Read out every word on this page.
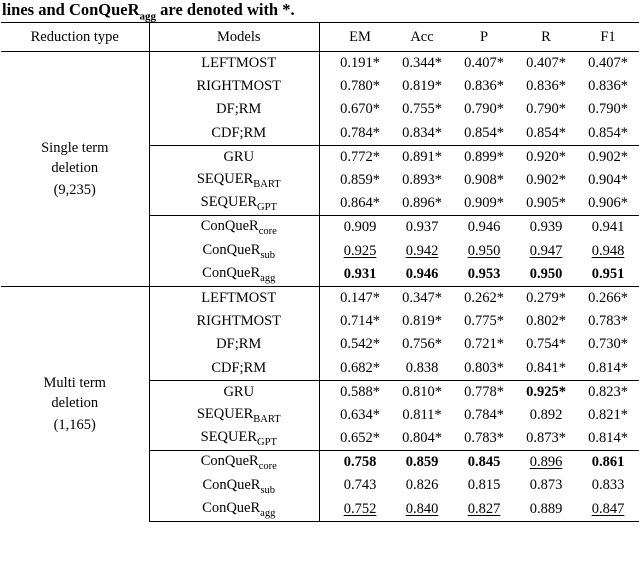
lines and ConQueR$_{agg}$ are denoted with *.
Reduction type		Models		EM	Acc	P	R	F1

Single term
deletion
(9,235)		LEFTMOST		0.191*	0.344*	0.407*	0.407*	0.407*
		RIGHTMOST		0.780*	0.819*	0.836*	0.836*	0.836*
		DF;RM		0.670*	0.755*	0.790*	0.790*	0.790*
		CDF;RM		0.784*	0.834*	0.854*	0.854*	0.854*
		GRU		0.772*	0.891*	0.899*	0.920*	0.902*
		$SEQUER_{BART}$		0.859*	0.893*	0.908*	0.902*	0.904*
		$SEQUER_{GPT}$		0.864*	0.896*	0.909*	0.905*	0.906*
		ConQueR$_{core}$		0.909	0.937	0.946	0.939	0.941
		ConQueR$_{sub}$		0.925	0.942	0.950	0.947	0.948
		ConQueR$_{agg}$		0.931	0.946	0.953	0.950	0.951

Multi term
deletion
(1,165)		LEFTMOST		0.147*	0.347*	0.262*	0.279*	0.266*
		RIGHTMOST		0.714*	0.819*	0.775*	0.802*	0.783*
		DF;RM		0.542*	0.756*	0.721*	0.754*	0.730*
		CDF;RM		0.682*	0.838	0.803*	0.841*	0.814*
		GRU		0.588*	0.810*	0.778*	0.925*	0.823*
		$SEQUER_{BART}$		0.634*	0.811*	0.784*	0.892	0.821*
		$SEQUER_{GPT}$		0.652*	0.804*	0.783*	0.873*	0.814*
		ConQueR$_{core}$		0.758	0.859	0.845	0.896	0.861
		ConQueR$_{sub}$		0.743	0.826	0.815	0.873	0.833
		ConQueR$_{agg}$		0.752	0.840	0.827	0.889	0.847
